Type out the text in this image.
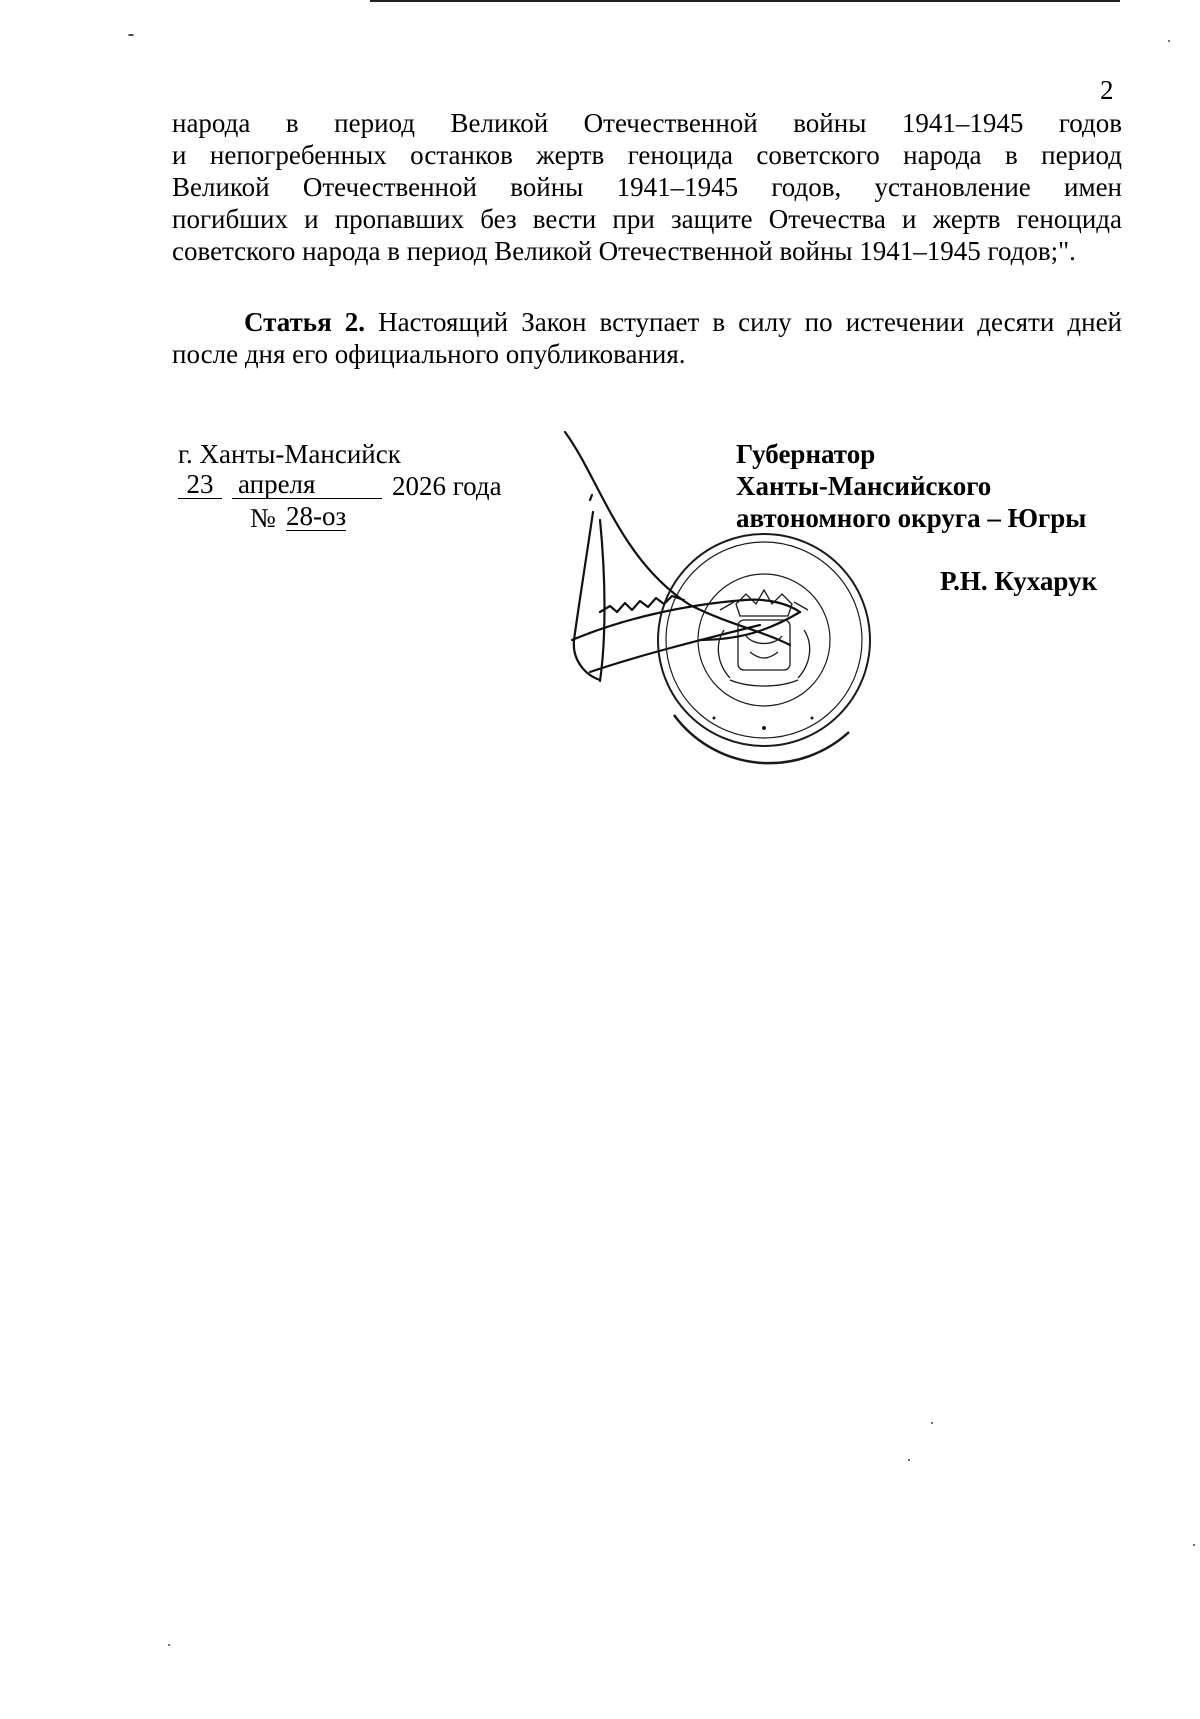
2
народа в период Великой Отечественной войны 1941–1945 годов
и непогребенных останков жертв геноцида советского народа в период
Великой Отечественной войны 1941–1945 годов, установление имен
погибших и пропавших без вести при защите Отечества и жертв геноцида
советского народа в период Великой Отечественной войны 1941–1945 годов;".
Статья 2. Настоящий Закон вступает в силу по истечении десяти дней
после дня его официального опубликования.
г. Ханты-Мансийск
23 апреля	2026 года
№ 28-оз
Губернатор
Ханты-Мансийского
автономного округа – Югры
Р.Н. Кухарук
